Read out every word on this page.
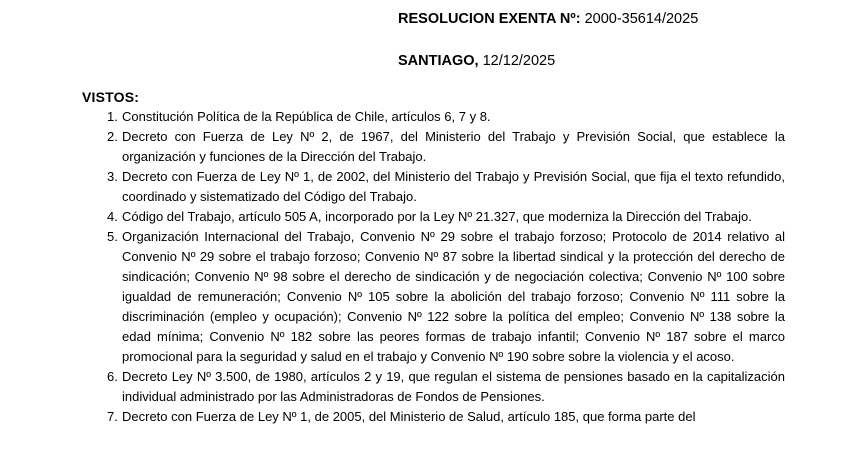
RESOLUCION EXENTA Nº: 2000-35614/2025
SANTIAGO, 12/12/2025
VISTOS:
1. Constitución Política de la República de Chile, artículos 6, 7 y 8.
2. Decreto con Fuerza de Ley Nº 2, de 1967, del Ministerio del Trabajo y Previsión Social, que establece la organización y funciones de la Dirección del Trabajo.
3. Decreto con Fuerza de Ley Nº 1, de 2002, del Ministerio del Trabajo y Previsión Social, que fija el texto refundido, coordinado y sistematizado del Código del Trabajo.
4. Código del Trabajo, artículo 505 A, incorporado por la Ley Nº 21.327, que moderniza la Dirección del Trabajo.
5. Organización Internacional del Trabajo, Convenio Nº 29 sobre el trabajo forzoso; Protocolo de 2014 relativo al Convenio Nº 29 sobre el trabajo forzoso; Convenio Nº 87 sobre la libertad sindical y la protección del derecho de sindicación; Convenio Nº 98 sobre el derecho de sindicación y de negociación colectiva; Convenio Nº 100 sobre igualdad de remuneración; Convenio Nº 105 sobre la abolición del trabajo forzoso; Convenio Nº 111 sobre la discriminación (empleo y ocupación); Convenio Nº 122 sobre la política del empleo; Convenio Nº 138 sobre la edad mínima; Convenio Nº 182 sobre las peores formas de trabajo infantil; Convenio Nº 187 sobre el marco promocional para la seguridad y salud en el trabajo y Convenio Nº 190 sobre sobre la violencia y el acoso.
6. Decreto Ley Nº 3.500, de 1980, artículos 2 y 19, que regulan el sistema de pensiones basado en la capitalización individual administrado por las Administradoras de Fondos de Pensiones.
7. Decreto con Fuerza de Ley Nº 1, de 2005, del Ministerio de Salud, artículo 185, que forma parte del
